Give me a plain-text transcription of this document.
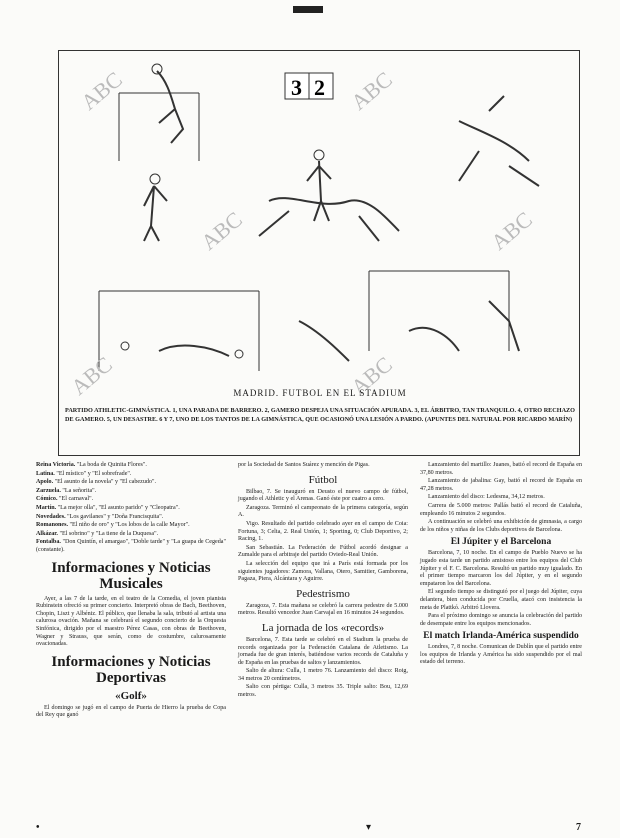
ABC	ABC
ABC	ABC
ABC	ABC
3 2
MADRID. FUTBOL EN EL STADIUM
PARTIDO ATHLETIC-GIMNÁSTICA. 1, UNA PARADA DE BARRERO. 2, GAMERO DESPEJA UNA SITUACIÓN APURADA. 3, EL ÁRBITRO, TAN TRANQUILO. 4, OTRO RECHAZO DE GAMERO. 5, UN DESASTRE. 6 Y 7, UNO DE LOS TANTOS DE LA GIMNÁSTICA, QUE OCASIONÓ UNA LESIÓN A PARDO. (APUNTES DEL NATURAL POR RICARDO MARÍN)
Reina Victoria. "La boda de Quinita Flores".
Latina. "El místico" y "El sobrefrade".
Apolo. "El asunto de la novela" y "El cabezudo".
Zarzuela. "La señorita".
Cómico. "El carnaval".
Martín. "La mejor olla", "El asunto parido" y "Cleopatra".
Novedades. "Los gavilanes" y "Doña Francisquita".
Romanones. "El niño de oro" y "Los lobos de la calle Mayor".
Alkázar. "El sobrino" y "La tiene de la Duquesa".
Fontalba. "Don Quintín, el amargao", "Doble tarde" y "La guapa de Cegeda" (constante).
Informaciones y Noticias Musicales

Ayer, a las 7 de la tarde, en el teatro de la Comedia, el joven pianista Rubinstein ofreció su primer concierto. Interpretó obras de Bach, Beethoven, Chopin, Liszt y Albéniz. El público, que llenaba la sala, tributó al artista una calurosa ovación. Mañana se celebrará el segundo concierto de la Orquesta Sinfónica, dirigido por el maestro Pérez Casas, con obras de Beethoven, Wagner y Strauss, que serán, como de costumbre, calurosamente ovacionadas.

Informaciones y Noticias Deportivas
«Golf»

El domingo se jugó en el campo de Puerta de Hierro la prueba de Copa del Rey que ganó

por la Sociedad de Santos Suárez y mención de Pigas.

Fútbol

Bilbao, 7. Se inauguró en Deusto el nuevo campo de fútbol, jugando el Athletic y el Arenas. Ganó éste por cuatro a cero.

Zaragoza. Terminó el campeonato de la primera categoría, según A.

Vigo. Resultado del partido celebrado ayer en el campo de Coia: Fortuna, 3; Celta, 2. Real Unión, 1; Sporting, 0; Club Deportivo, 2; Racing, 1.

San Sebastián. La Federación de Fútbol acordó designar a Zumalde para el arbitraje del partido Oviedo-Real Unión.

La selección del equipo que irá a París está formada por los siguientes jugadores: Zamora, Vallana, Otero, Samitier, Gamborena, Pagaza, Piera, Alcántara y Aguirre.

Pedestrismo

Zaragoza, 7. Esta mañana se celebró la carrera pedestre de 5.000 metros. Resultó vencedor Juan Carvajal en 16 minutos 24 segundos.

La jornada de los «records»

Barcelona, 7. Esta tarde se celebró en el Stadium la prueba de records organizada por la Federación Catalana de Atletismo. La jornada fue de gran interés, batiéndose varios records de Cataluña y de España en las pruebas de saltos y lanzamientos.

Salto de altura: Culla, 1 metro 76. Lanzamiento del disco: Roig, 34 metros 20 centímetros.

Salto con pértiga: Culla, 3 metros 35. Triple salto: Bou, 12,69 metros.

Lanzamiento del martillo: Juanes, batió el record de España en 37,80 metros.

Lanzamiento de jabalina: Gay, batió el record de España en 47,28 metros.

Lanzamiento del disco: Ledesma, 34,12 metros.

Carrera de 5.000 metros: Pallás batió el record de Cataluña, empleando 16 minutos 2 segundos.

A continuación se celebró una exhibición de gimnasia, a cargo de los niños y niñas de los Clubs deportivos de Barcelona.

El Júpiter y el Barcelona

Barcelona, 7, 10 noche. En el campo de Pueblo Nuevo se ha jugado esta tarde un partido amistoso entre los equipos del Club Júpiter y el F. C. Barcelona. Resultó un partido muy igualado. En el primer tiempo marcaron los del Júpiter, y en el segundo empataron los del Barcelona.

El segundo tiempo se distinguió por el juego del Júpiter, cuya delantera, bien conducida por Cruella, atacó con insistencia la meta de Plattkó. Arbitró Llovera.

Para el próximo domingo se anuncia la celebración del partido de desempate entre los equipos mencionados.

El match Irlanda-América suspendido

Londres, 7, 8 noche. Comunican de Dublín que el partido entre los equipos de Irlanda y América ha sido suspendido por el mal estado del terreno.

•	▾	7
